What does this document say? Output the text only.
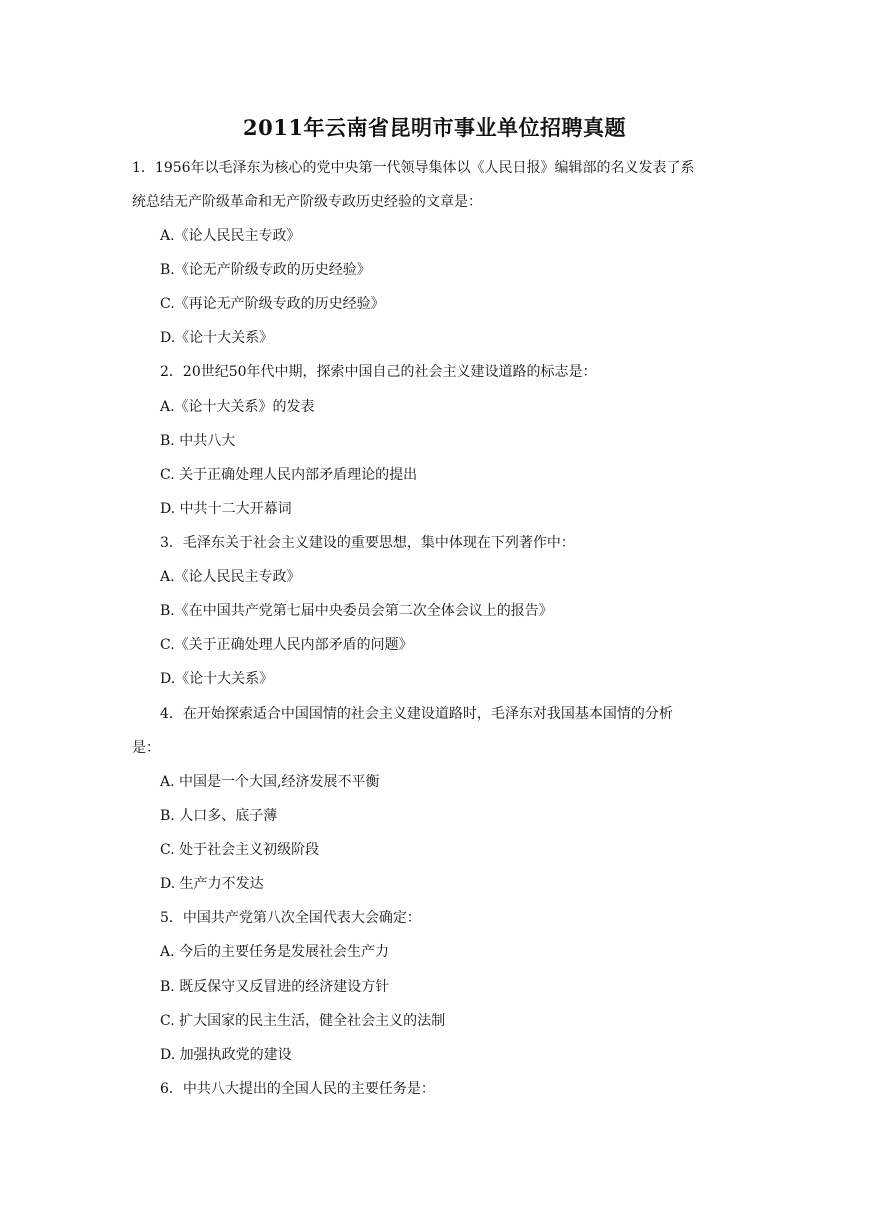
2011年云南省昆明市事业单位招聘真题
1．1956年以毛泽东为核心的党中央第一代领导集体以《人民日报》编辑部的名义发表了系
统总结无产阶级革命和无产阶级专政历史经验的文章是：
A.《论人民民主专政》
B.《论无产阶级专政的历史经验》
C.《再论无产阶级专政的历史经验》
D.《论十大关系》
2．20世纪50年代中期，探索中国自己的社会主义建设道路的标志是：
A.《论十大关系》的发表
B. 中共八大
C. 关于正确处理人民内部矛盾理论的提出
D. 中共十二大开幕词
3．毛泽东关于社会主义建设的重要思想，集中体现在下列著作中：
A.《论人民民主专政》
B.《在中国共产党第七届中央委员会第二次全体会议上的报告》
C.《关于正确处理人民内部矛盾的问题》
D.《论十大关系》
4．在开始探索适合中国国情的社会主义建设道路时，毛泽东对我国基本国情的分析
是：
A. 中国是一个大国,经济发展不平衡
B. 人口多、底子薄
C. 处于社会主义初级阶段
D. 生产力不发达
5．中国共产党第八次全国代表大会确定：
A. 今后的主要任务是发展社会生产力
B. 既反保守又反冒进的经济建设方针
C. 扩大国家的民主生活，健全社会主义的法制
D. 加强执政党的建设
6．中共八大提出的全国人民的主要任务是：
